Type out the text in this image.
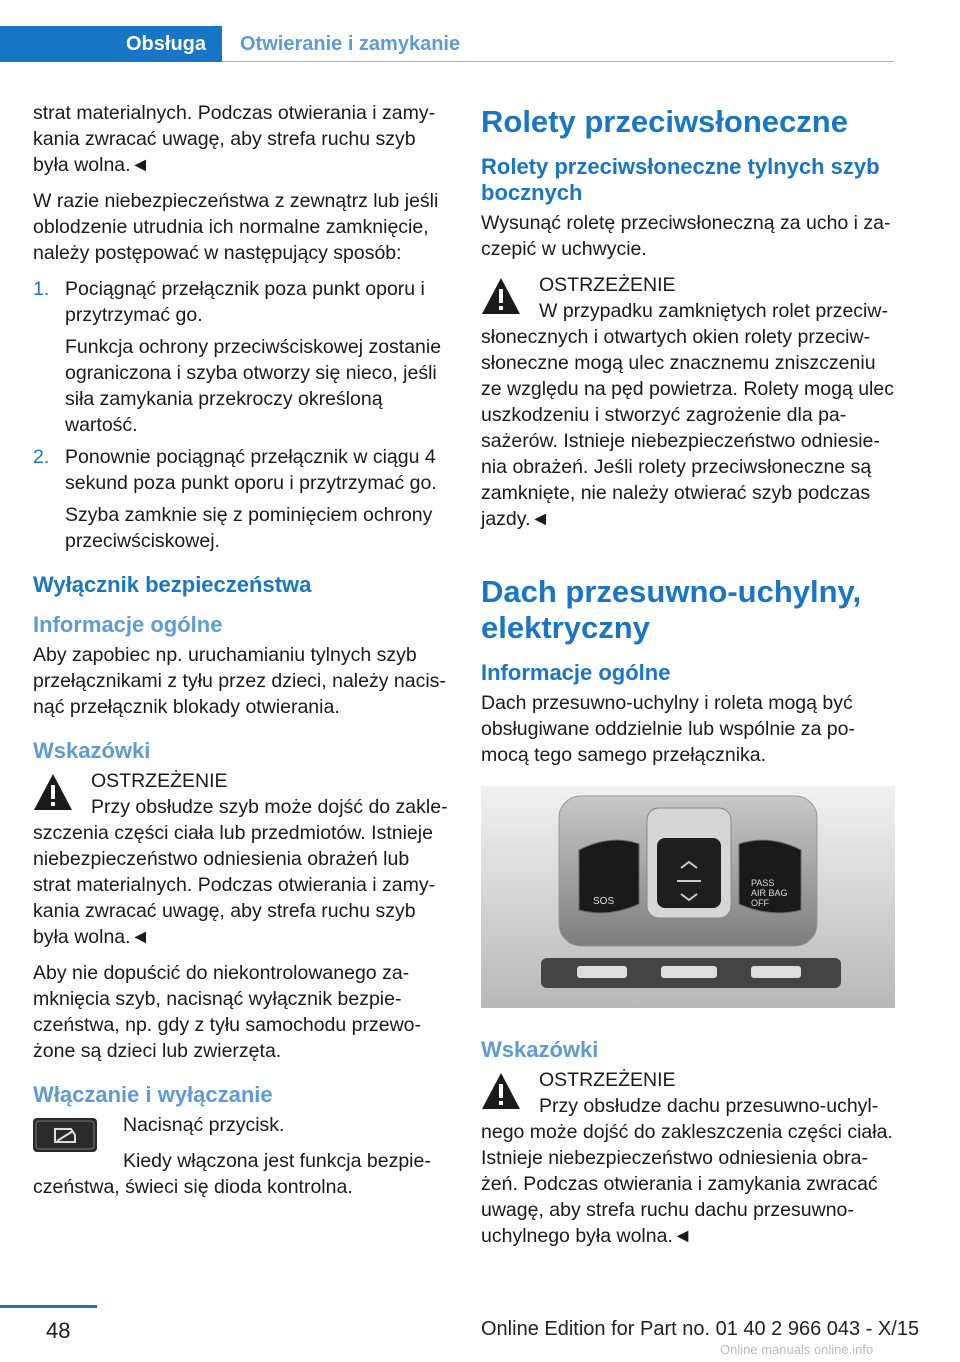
Obsługa	Otwieranie i zamykanie

strat materialnych. Podczas otwierania i zamykania zwracać uwagę, aby strefa ruchu szyb była wolna.◄

W razie niebezpieczeństwa z zewnątrz lub jeśli oblodzenie utrudnia ich normalne zamknięcie, należy postępować w następujący sposób:

1. Pociągnąć przełącznik poza punkt oporu i przytrzymać go.

Funkcja ochrony przeciwściskowej zostanie ograniczona i szyba otworzy się nieco, jeśli siła zamykania przekroczy określoną wartość.

2. Ponownie pociągnąć przełącznik w ciągu 4 sekund poza punkt oporu i przytrzymać go.

Szyba zamknie się z pominięciem ochrony przeciwściskowej.

Wyłącznik bezpieczeństwa
Informacje ogólne

Aby zapobiec np. uruchamianiu tylnych szyb przełącznikami z tyłu przez dzieci, należy nacisnąć przełącznik blokady otwierania.

Wskazówki
OSTRZEŻENIE
Przy obsłudze szyb może dojść do zakleszczenia części ciała lub przedmiotów. Istnieje niebezpieczeństwo odniesienia obrażeń lub strat materialnych. Podczas otwierania i zamykania zwracać uwagę, aby strefa ruchu szyb była wolna.◄

Aby nie dopuścić do niekontrolowanego zamknięcia szyb, nacisnąć wyłącznik bezpieczeństwa, np. gdy z tyłu samochodu przewożone są dzieci lub zwierzęta.

Włączanie i wyłączanie

Nacisnąć przycisk.

Kiedy włączona jest funkcja bezpieczeństwa, świeci się dioda kontrolna.

Rolety przeciwsłoneczne
Rolety przeciwsłoneczne tylnych szyb bocznych

Wysunąć roletę przeciwsłoneczną za ucho i zaczepić w uchwycie.

OSTRZEŻENIE
W przypadku zamkniętych rolet przeciwsłonecznych i otwartych okien rolety przeciwsłoneczne mogą ulec znacznemu zniszczeniu ze względu na pęd powietrza. Rolety mogą ulec uszkodzeniu i stworzyć zagrożenie dla pasażerów. Istnieje niebezpieczeństwo odniesienia obrażeń. Jeśli rolety przeciwsłoneczne są zamknięte, nie należy otwierać szyb podczas jazdy.◄
Dach przesuwno-uchylny, elektryczny
Informacje ogólne

Dach przesuwno-uchylny i roleta mogą być obsługiwane oddzielnie lub wspólnie za pomocą tego samego przełącznika.

SOS
PASS
AIR BAG
OFF
Wskazówki
OSTRZEŻENIE
Przy obsłudze dachu przesuwno-uchylnego może dojść do zakleszczenia części ciała. Istnieje niebezpieczeństwo odniesienia obrażeń. Podczas otwierania i zamykania zwracać uwagę, aby strefa ruchu dachu przesuwno-uchylnego była wolna.◄
48	Online Edition for Part no. 01 40 2 966 043 - X/15
Online manuals online.info
